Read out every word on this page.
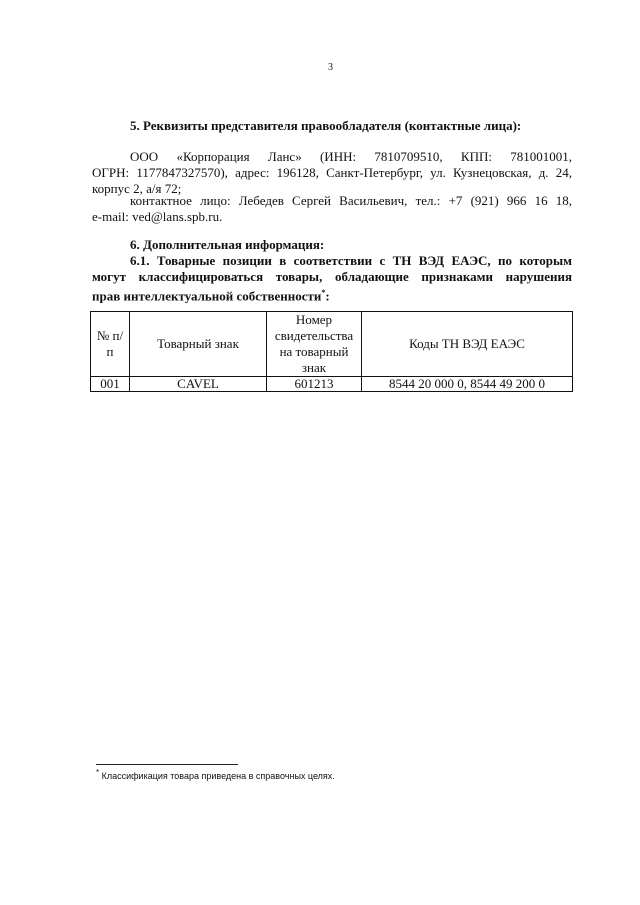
3
5. Реквизиты представителя правообладателя (контактные лица):
ООО «Корпорация Ланс» (ИНН: 7810709510, КПП: 781001001,
ОГРН: 1177847327570), адрес: 196128, Санкт-Петербург, ул. Кузнецовская, д. 24,
корпус 2, а/я 72;
контактное лицо: Лебедев Сергей Васильевич, тел.: +7 (921) 966 16 18,
e-mail: ved@lans.spb.ru.
6. Дополнительная информация:
6.1. Товарные позиции в соответствии с ТН ВЭД ЕАЭС, по которым
могут классифицироваться товары, обладающие признаками нарушения
прав интеллектуальной собственности*:
№ п/п	Товарный знак	Номер свидетельства на товарный знак	Коды ТН ВЭД ЕАЭС
001	CAVEL	601213	8544 20 000 0, 8544 49 200 0
* Классификация товара приведена в справочных целях.
